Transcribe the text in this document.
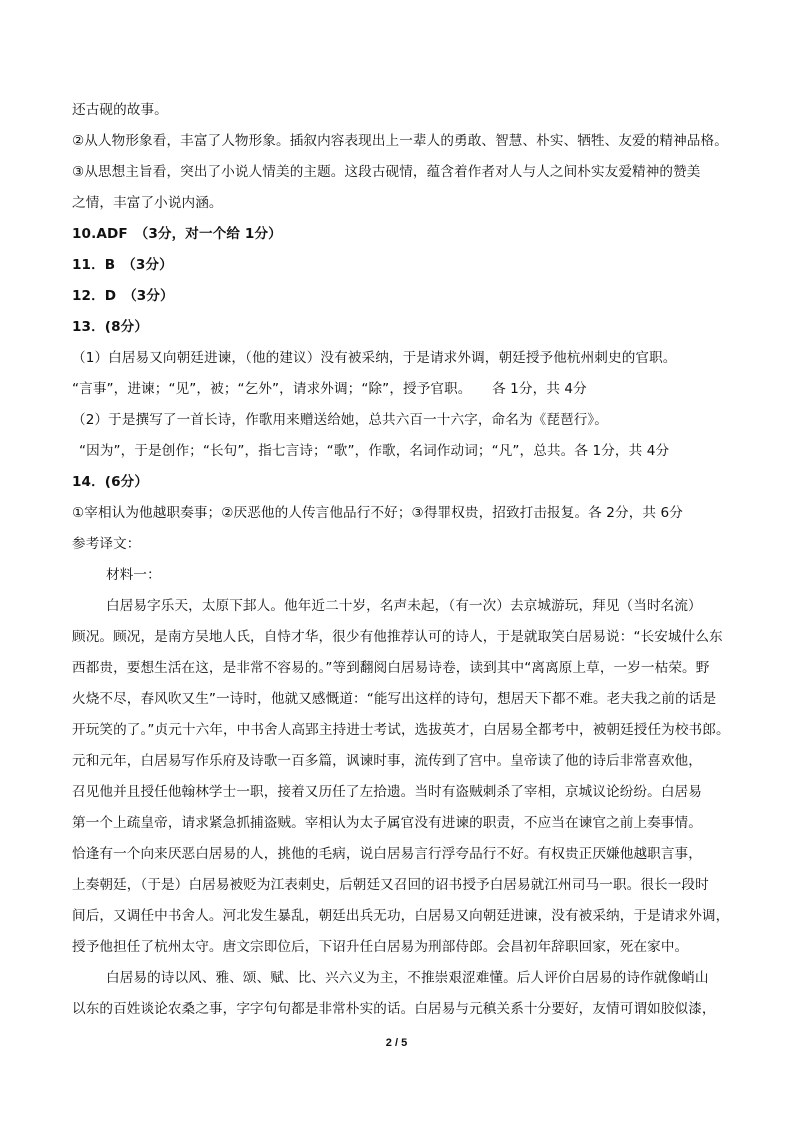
还古砚的故事。
②从人物形象看，丰富了人物形象。插叙内容表现出上一辈人的勇敢、智慧、朴实、牺牲、友爱的精神品格。
③从思想主旨看，突出了小说人情美的主题。这段古砚情，蕴含着作者对人与人之间朴实友爱精神的赞美
之情，丰富了小说内涵。
10.ADF　（3分，对一个给 1分）
11．B　（3分）
12．D　（3分）
13．(8分）
（1）白居易又向朝廷进谏，（他的建议）没有被采纳，于是请求外调，朝廷授予他杭州刺史的官职。
“言事”，进谏；“见”，被；“乞外”，请求外调；“除”，授予官职。　　各 1分，共 4分
（2）于是撰写了一首长诗，作歌用来赠送给她，总共六百一十六字，命名为《琵琶行》。
“因为”，于是创作；“长句”，指七言诗；“歌”，作歌，名词作动词；“凡”，总共。各 1分，共 4分
14．(6分）
①宰相认为他越职奏事；②厌恶他的人传言他品行不好；③得罪权贵，招致打击报复。各 2分，共 6分
参考译文：
材料一：
白居易字乐天，太原下邽人。他年近二十岁，名声未起，（有一次）去京城游玩，拜见（当时名流）
顾况。顾况，是南方吴地人氏，自恃才华，很少有他推荐认可的诗人，于是就取笑白居易说：“长安城什么东
西都贵，要想生活在这，是非常不容易的。”等到翻阅白居易诗卷，读到其中“离离原上草，一岁一枯荣。野
火烧不尽，春风吹又生”一诗时，他就又感慨道：“能写出这样的诗句，想居天下都不难。老夫我之前的话是
开玩笑的了。”贞元十六年，中书舍人高郢主持进士考试，选拔英才，白居易全都考中，被朝廷授任为校书郎。
元和元年，白居易写作乐府及诗歌一百多篇，讽谏时事，流传到了宫中。皇帝读了他的诗后非常喜欢他，
召见他并且授任他翰林学士一职，接着又历任了左拾遗。当时有盗贼刺杀了宰相，京城议论纷纷。白居易
第一个上疏皇帝，请求紧急抓捕盗贼。宰相认为太子属官没有进谏的职责，不应当在谏官之前上奏事情。
恰逢有一个向来厌恶白居易的人，挑他的毛病，说白居易言行浮夸品行不好。有权贵正厌嫌他越职言事，
上奏朝廷，（于是）白居易被贬为江表刺史，后朝廷又召回的诏书授予白居易就江州司马一职。很长一段时
间后，又调任中书舍人。河北发生暴乱，朝廷出兵无功，白居易又向朝廷进谏，没有被采纳，于是请求外调，
授予他担任了杭州太守。唐文宗即位后，下诏升任白居易为刑部侍郎。会昌初年辞职回家，死在家中。
白居易的诗以风、雅、颂、赋、比、兴六义为主，不推崇艰涩难懂。后人评价白居易的诗作就像峭山
以东的百姓谈论农桑之事，字字句句都是非常朴实的话。白居易与元稹关系十分要好，友情可谓如胶似漆，
2 / 5
